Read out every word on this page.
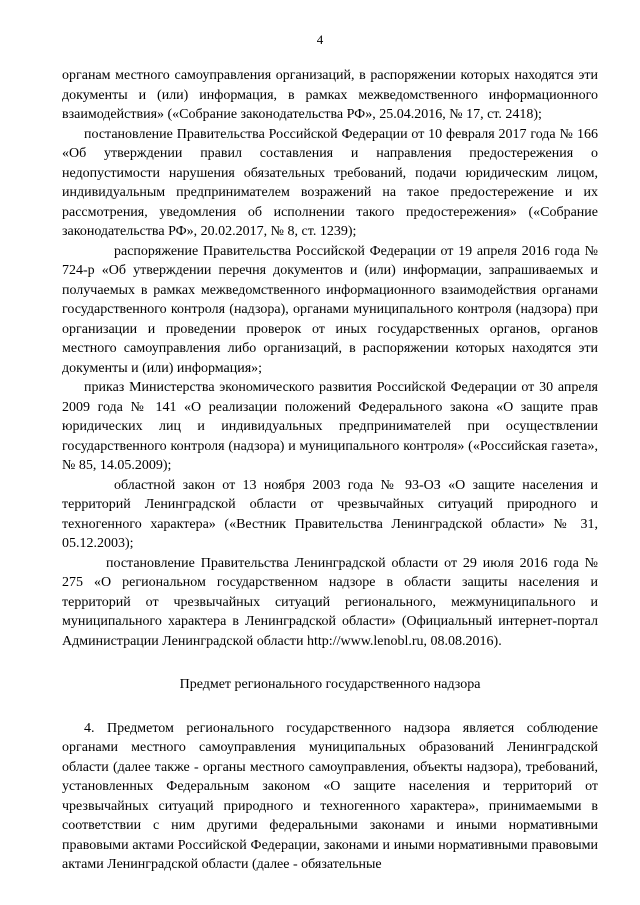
4

органам местного самоуправления организаций, в распоряжении которых находятся эти документы и (или) информация, в рамках межведомственного информационного взаимодействия» («Собрание законодательства РФ», 25.04.2016, № 17, ст. 2418);

постановление Правительства Российской Федерации от 10 февраля 2017 года № 166 «Об утверждении правил составления и направления предостережения о недопустимости нарушения обязательных требований, подачи юридическим лицом, индивидуальным предпринимателем возражений на такое предостережение и их рассмотрения, уведомления об исполнении такого предостережения» («Собрание законодательства РФ», 20.02.2017, № 8, ст. 1239);

распоряжение Правительства Российской Федерации от 19 апреля 2016 года № 724-р «Об утверждении перечня документов и (или) информации, запрашиваемых и получаемых в рамках межведомственного информационного взаимодействия органами государственного контроля (надзора), органами муниципального контроля (надзора) при организации и проведении проверок от иных государственных органов, органов местного самоуправления либо организаций, в распоряжении которых находятся эти документы и (или) информация»;

приказ Министерства экономического развития Российской Федерации от 30 апреля 2009 года № 141 «О реализации положений Федерального закона «О защите прав юридических лиц и индивидуальных предпринимателей при осуществлении государственного контроля (надзора) и муниципального контроля» («Российская газета», № 85, 14.05.2009);

областной закон от 13 ноября 2003 года № 93-ОЗ «О защите населения и территорий Ленинградской области от чрезвычайных ситуаций природного и техногенного характера» («Вестник Правительства Ленинградской области» № 31, 05.12.2003);

постановление Правительства Ленинградской области от 29 июля 2016 года № 275 «О региональном государственном надзоре в области защиты населения и территорий от чрезвычайных ситуаций регионального, межмуниципального и муниципального характера в Ленинградской области» (Официальный интернет-портал Администрации Ленинградской области http://www.lenobl.ru, 08.08.2016).

Предмет регионального государственного надзора

4. Предметом регионального государственного надзора является соблюдение органами местного самоуправления муниципальных образований Ленинградской области (далее также - органы местного самоуправления, объекты надзора), требований, установленных Федеральным законом «О защите населения и территорий от чрезвычайных ситуаций природного и техногенного характера», принимаемыми в соответствии с ним другими федеральными законами и иными нормативными правовыми актами Российской Федерации, законами и иными нормативными правовыми актами Ленинградской области (далее - обязательные
